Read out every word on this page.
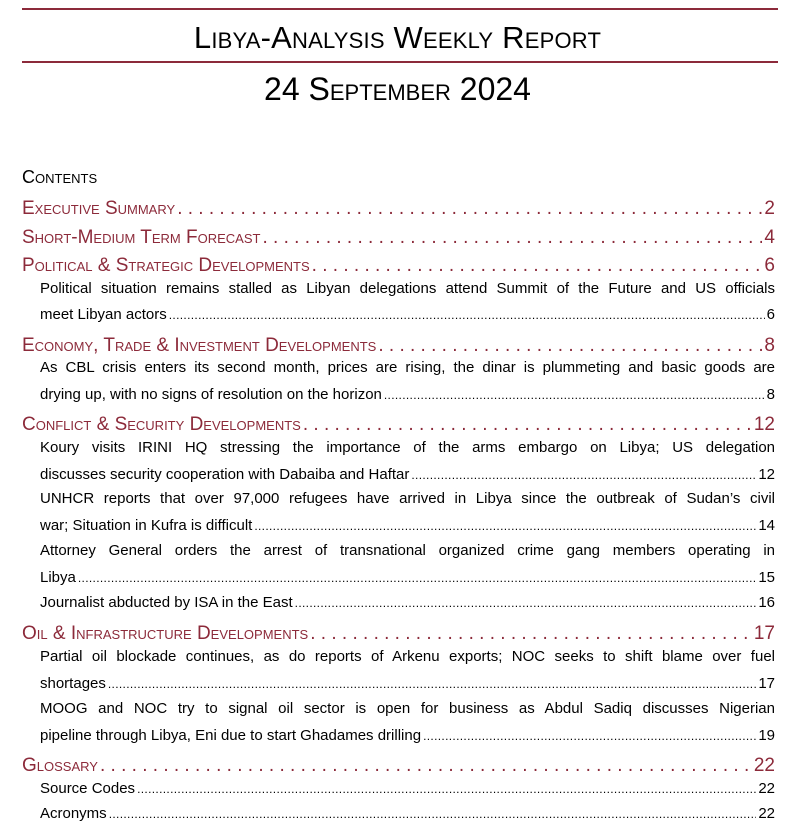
Libya-Analysis Weekly Report
24 September 2024
Contents
Executive Summary . . .	2
Short-Medium Term Forecast . . .	4
Political & Strategic Developments . . .	6
Political situation remains stalled as Libyan delegations attend Summit of the Future and US officials
meet Libyan actors . . .	6
Economy, Trade & Investment Developments . . .	8
As CBL crisis enters its second month, prices are rising, the dinar is plummeting and basic goods are
drying up, with no signs of resolution on the horizon . . .	8
Conflict & Security Developments . . .	12
Koury visits IRINI HQ stressing the importance of the arms embargo on Libya; US delegation
discusses security cooperation with Dabaiba and Haftar . . .	12
UNHCR reports that over 97,000 refugees have arrived in Libya since the outbreak of Sudan’s civil
war; Situation in Kufra is difficult . . .	14
Attorney General orders the arrest of transnational organized crime gang members operating in
Libya . . .	15
Journalist abducted by ISA in the East . . .	16
Oil & Infrastructure Developments . . .	17
Partial oil blockade continues, as do reports of Arkenu exports; NOC seeks to shift blame over fuel
shortages . . .	17
MOOG and NOC try to signal oil sector is open for business as Abdul Sadiq discusses Nigerian
pipeline through Libya, Eni due to start Ghadames drilling . . .	19
Glossary . . .	22
Source Codes . . .	22
Acronyms . . .	22
